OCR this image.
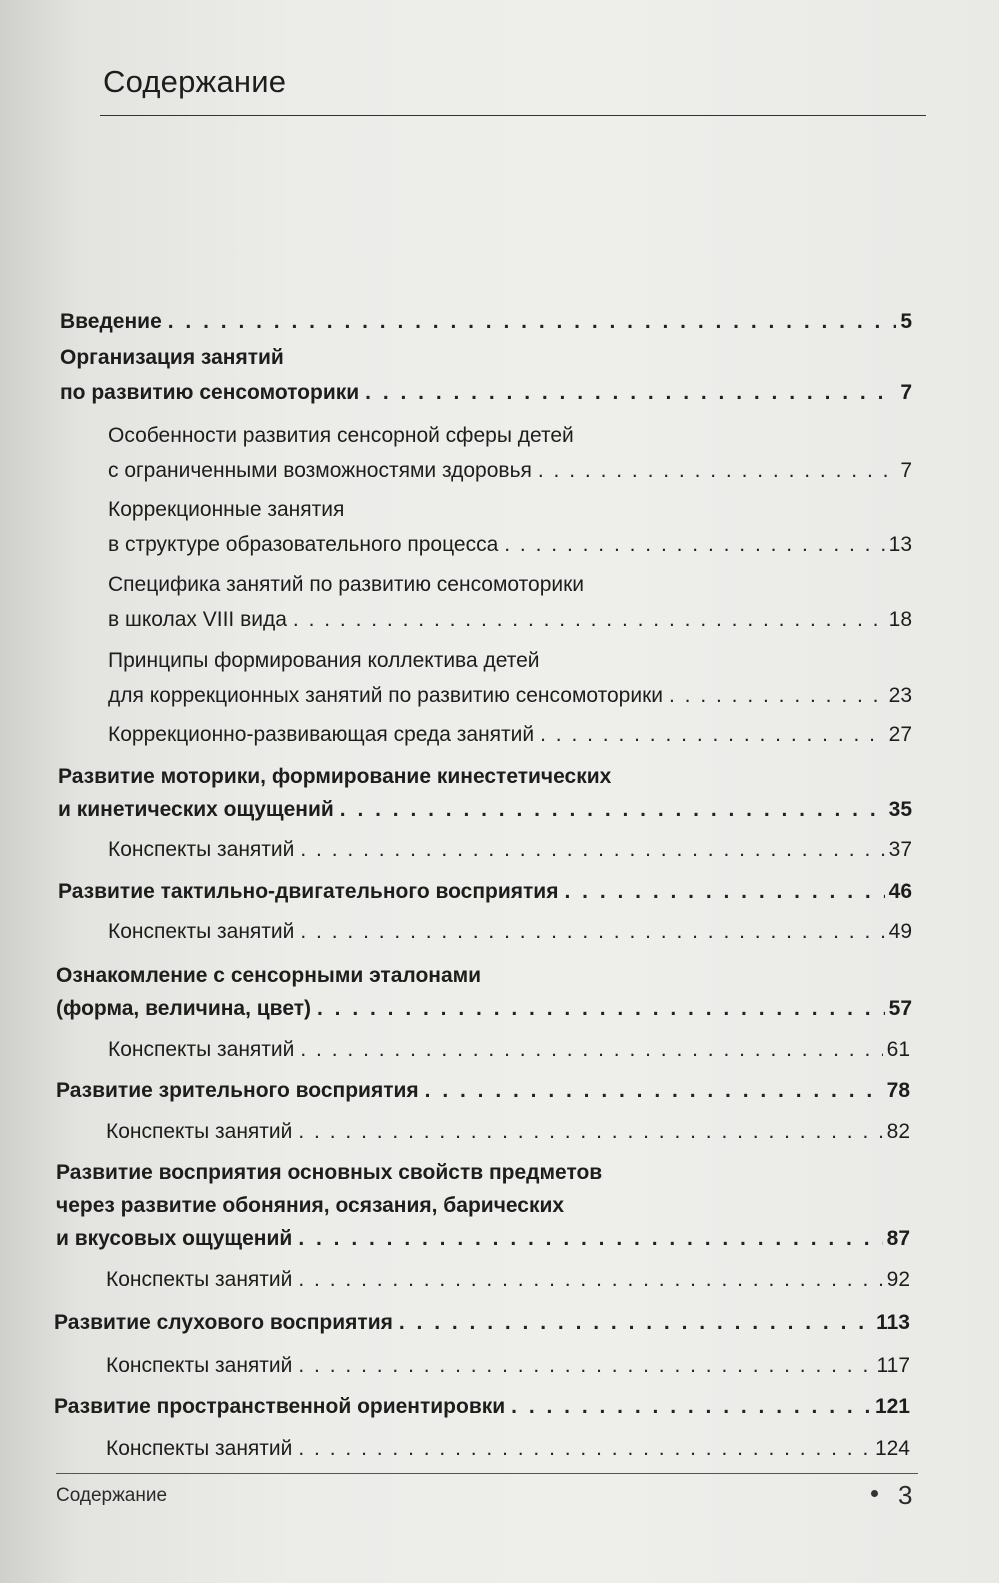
Содержание
Введение . . .	5
Организация занятий
по развитию сенсомоторики . . .	7
Особенности развития сенсорной сферы детей
с ограниченными возможностями здоровья . . .	7
Коррекционные занятия
в структуре образовательного процесса . . .	13
Специфика занятий по развитию сенсомоторики
в школах VIII вида . . .	18
Принципы формирования коллектива детей
для коррекционных занятий по развитию сенсомоторики . . .	23
Коррекционно-развивающая среда занятий . . .	27
Развитие моторики, формирование кинестетических
и кинетических ощущений . . .	35
Конспекты занятий . . .	37
Развитие тактильно-двигательного восприятия . . .	46
Конспекты занятий . . .	49
Ознакомление с сенсорными эталонами
(форма, величина, цвет) . . .	57
Конспекты занятий . . .	61
Развитие зрительного восприятия . . .	78
Конспекты занятий . . .	82
Развитие восприятия основных свойств предметов
через развитие обоняния, осязания, барических
и вкусовых ощущений . . .	87
Конспекты занятий . . .	92
Развитие слухового восприятия . . .	113
Конспекты занятий . . .	117
Развитие пространственной ориентировки . . .	121
Конспекты занятий . . .	124
Содержание	3
